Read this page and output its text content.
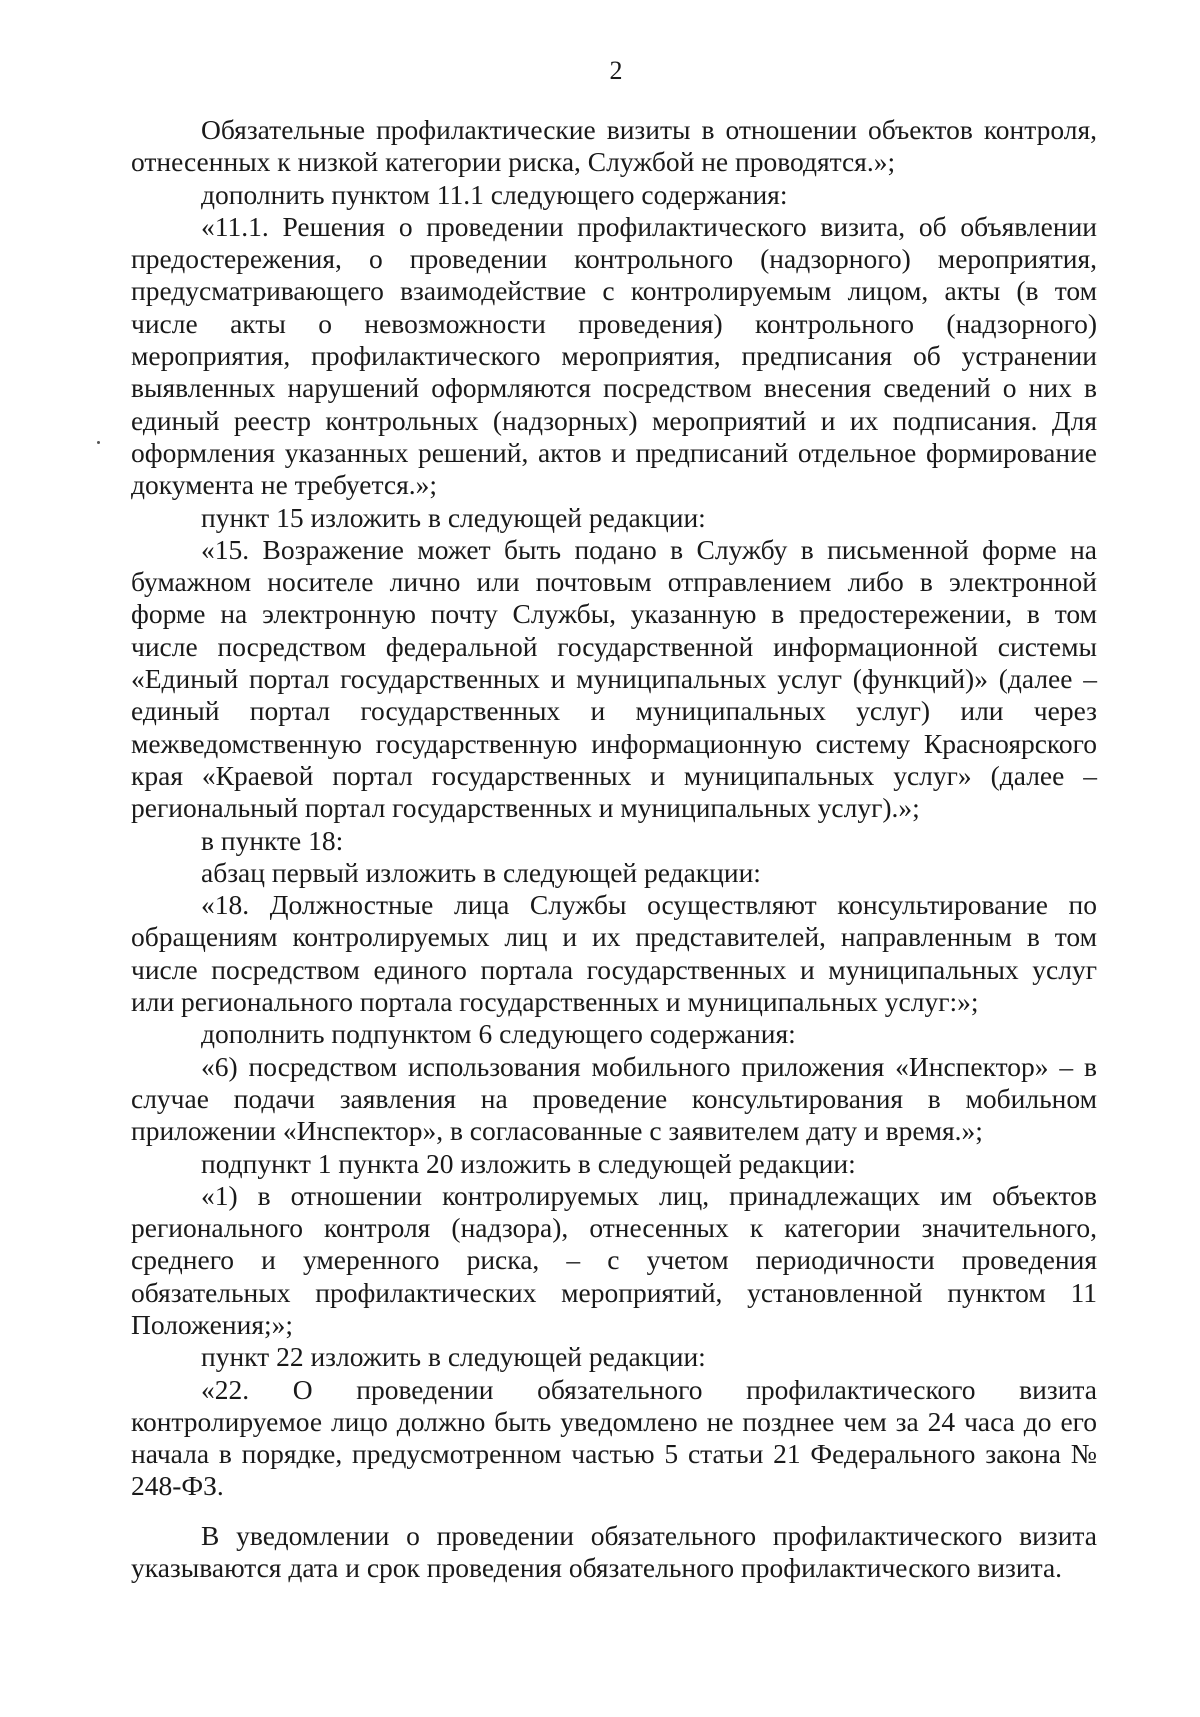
2

Обязательные профилактические визиты в отношении объектов контроля, отнесенных к низкой категории риска, Службой не проводятся.»;

дополнить пунктом 11.1 следующего содержания:

«11.1. Решения о проведении профилактического визита, об объявлении предостережения, о проведении контрольного (надзорного) мероприятия, предусматривающего взаимодействие с контролируемым лицом, акты (в том числе акты о невозможности проведения) контрольного (надзорного) мероприятия, профилактического мероприятия, предписания об устранении выявленных нарушений оформляются посредством внесения сведений о них в единый реестр контрольных (надзорных) мероприятий и их подписания. Для оформления указанных решений, актов и предписаний отдельное формирование документа не требуется.»;

пункт 15 изложить в следующей редакции:

«15. Возражение может быть подано в Службу в письменной форме на бумажном носителе лично или почтовым отправлением либо в электронной форме на электронную почту Службы, указанную в предостережении, в том числе посредством федеральной государственной информационной системы «Единый портал государственных и муниципальных услуг (функций)» (далее – единый портал государственных и муниципальных услуг) или через межведомственную государственную информационную систему Красноярского края «Краевой портал государственных и муниципальных услуг» (далее – региональный портал государственных и муниципальных услуг).»;

в пункте 18:

абзац первый изложить в следующей редакции:

«18. Должностные лица Службы осуществляют консультирование по обращениям контролируемых лиц и их представителей, направленным в том числе посредством единого портала государственных и муниципальных услуг или регионального портала государственных и муниципальных услуг:»;

дополнить подпунктом 6 следующего содержания:

«6) посредством использования мобильного приложения «Инспектор» – в случае подачи заявления на проведение консультирования в мобильном приложении «Инспектор», в согласованные с заявителем дату и время.»;

подпункт 1 пункта 20 изложить в следующей редакции:

«1) в отношении контролируемых лиц, принадлежащих им объектов регионального контроля (надзора), отнесенных к категории значительного, среднего и умеренного риска, – с учетом периодичности проведения обязательных профилактических мероприятий, установленной пунктом 11 Положения;»;

пункт 22 изложить в следующей редакции:

«22. О проведении обязательного профилактического визита контролируемое лицо должно быть уведомлено не позднее чем за 24 часа до его начала в порядке, предусмотренном частью 5 статьи 21 Федерального закона № 248-ФЗ.

В уведомлении о проведении обязательного профилактического визита указываются дата и срок проведения обязательного профилактического визита.
